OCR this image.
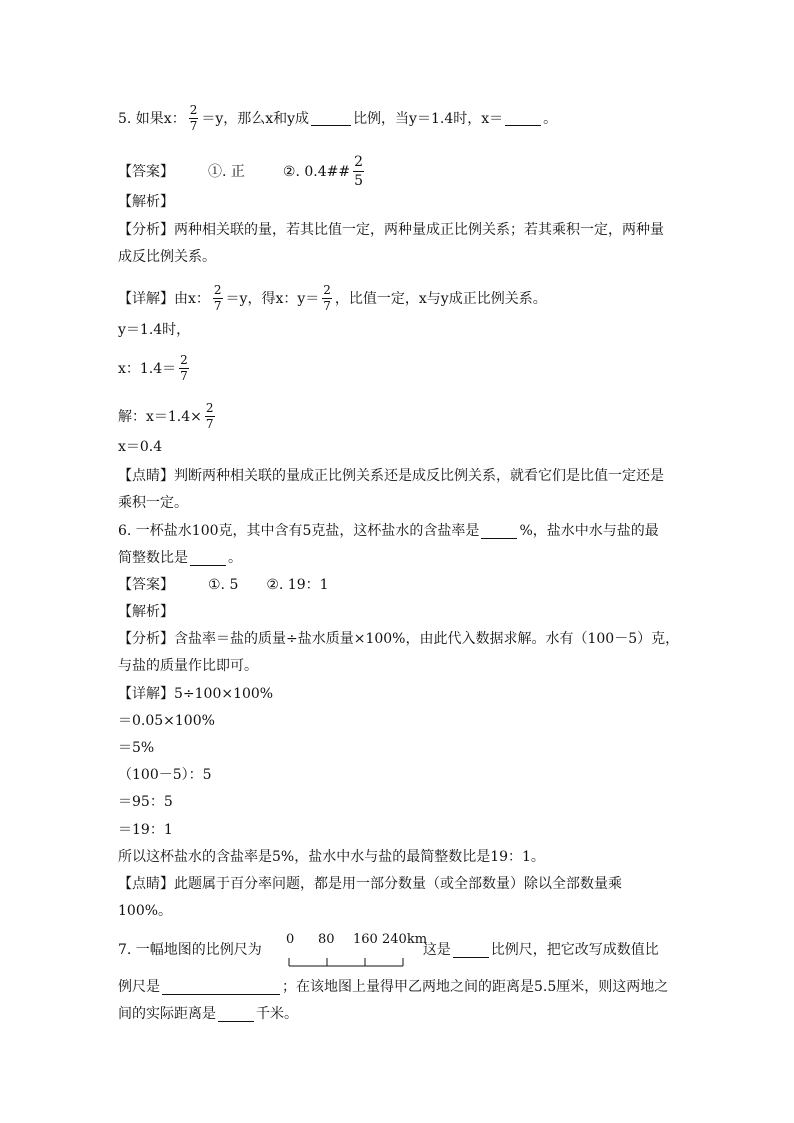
5. 如果x： $\frac{2}{7} =y$，那么x和y成	比例，当y＝1.4时，x＝	。
【答案】 ①. 正	②. 0.4## $\frac{2}{5}$
【解析】
【分析】两种相关联的量，若其比值一定，两种量成正比例关系；若其乘积一定，两种量
成反比例关系。
【详解】由x： $\frac{2}{7} =y$，得x：$y= \frac{2}{7}$ ，比值一定，x与y成正比例关系。
y＝1.4时，
x：$1.4= \frac{2}{7}$
解：$x=1.4\times \frac{2}{7}$
x＝0.4
【点睛】判断两种相关联的量成正比例关系还是成反比例关系，就看它们是比值一定还是
乘积一定。
6. 一杯盐水100克，其中含有5克盐，这杯盐水的含盐率是	%，盐水中水与盐的最
简整数比是	。
【答案】 ①. 5 ②. 19：1
【解析】
【分析】含盐率＝盐的质量÷盐水质量×100%，由此代入数据求解。水有（100－5）克，
与盐的质量作比即可。
【详解】5÷100×100%
＝0.05×100%
＝5%
（100－5）：5
＝95：5
＝19：1
所以这杯盐水的含盐率是5%，盐水中水与盐的最简整数比是19：1。
【点睛】此题属于百分率问题，都是用一部分数量（或全部数量）除以全部数量乘
100%。
7. 一幅地图的比例尺为	这是	比例尺，把它改写成数值比
0 80 160 240km
例尺是	；在该地图上量得甲乙两地之间的距离是5.5厘米，则这两地之
间的实际距离是	千米。
